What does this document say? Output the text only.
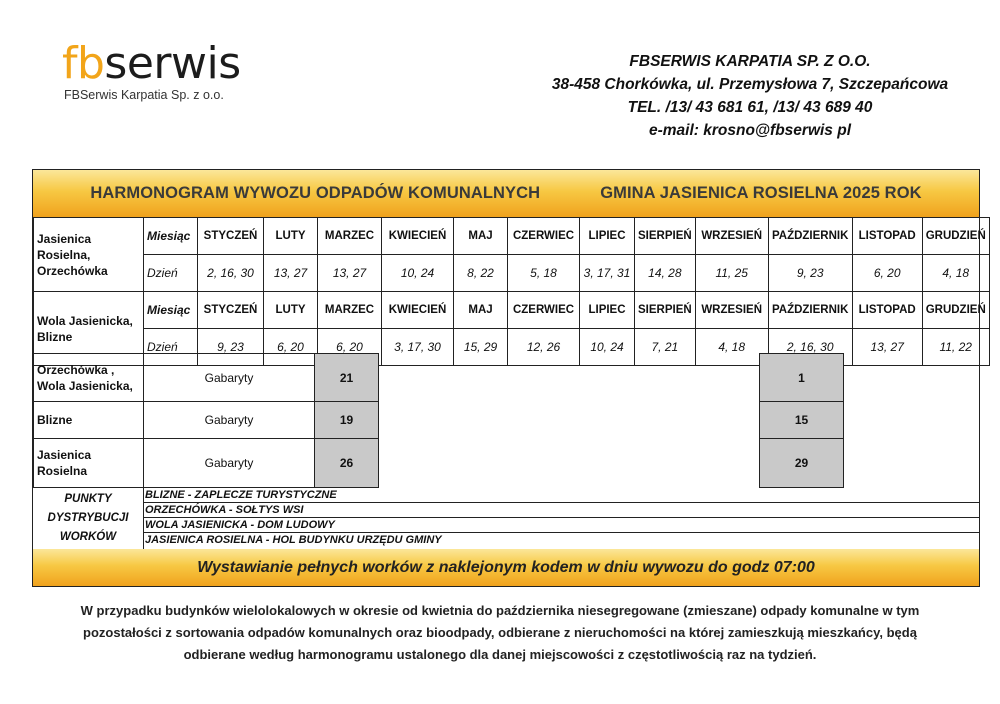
fbserwis
FBSerwis Karpatia Sp. z o.o.
FBSERWIS KARPATIA SP. Z O.O.
38-458 Chorkówka, ul. Przemysłowa 7, Szczepańcowa
TEL. /13/ 43 681 61, /13/ 43 689 40
e-mail: krosno@fbserwis pl
HARMONOGRAM WYWOZU ODPADÓW KOMUNALNYCH	GMINA JASIENICA ROSIELNA 2025 ROK
Jasienica
Rosielna,
Orzechówka	Miesiąc	STYCZEŃ	LUTY	MARZEC	KWIECIEŃ	MAJ	CZERWIEC	LIPIEC	SIERPIEŃ	WRZESIEŃ	PAŹDZIERNIK	LISTOPAD	GRUDZIEŃ
	Dzień	2, 16, 30	13, 27	13, 27	10, 24	8, 22	5, 18	3, 17, 31	14, 28	11, 25	9, 23	6, 20	4, 18

Wola Jasienicka,
Blizne	Miesiąc	STYCZEŃ	LUTY	MARZEC	KWIECIEŃ	MAJ	CZERWIEC	LIPIEC	SIERPIEŃ	WRZESIEŃ	PAŹDZIERNIK	LISTOPAD	GRUDZIEŃ
	Dzień	9, 23	6, 20	6, 20	3, 17, 30	15, 29	12, 26	10, 24	7, 21	4, 18	2, 16, 30	13, 27	11, 22
Orzechówka ,
Wola Jasienicka,	Gabaryty	21		1	
Blizne	Gabaryty	19		15	

Jasienica
Rosielna	Gabaryty	26		29	
PUNKTY
DYSTRYBUCJI
WORKÓW
BLIZNE - ZAPLECZE TURYSTYCZNE
ORZECHÓWKA - SOŁTYS WSI
WOLA JASIENICKA - DOM LUDOWY
JASIENICA ROSIELNA - HOL BUDYNKU URZĘDU GMINY
Wystawianie pełnych worków z naklejonym kodem w dniu wywozu do godz 07:00
W przypadku budynków wielolokalowych w okresie od kwietnia do października niesegregowane (zmieszane) odpady komunalne w tym
pozostałości z sortowania odpadów komunalnych oraz bioodpady, odbierane z nieruchomości na której zamieszkują mieszkańcy, będą
odbierane według harmonogramu ustalonego dla danej miejscowości z częstotliwością raz na tydzień.
